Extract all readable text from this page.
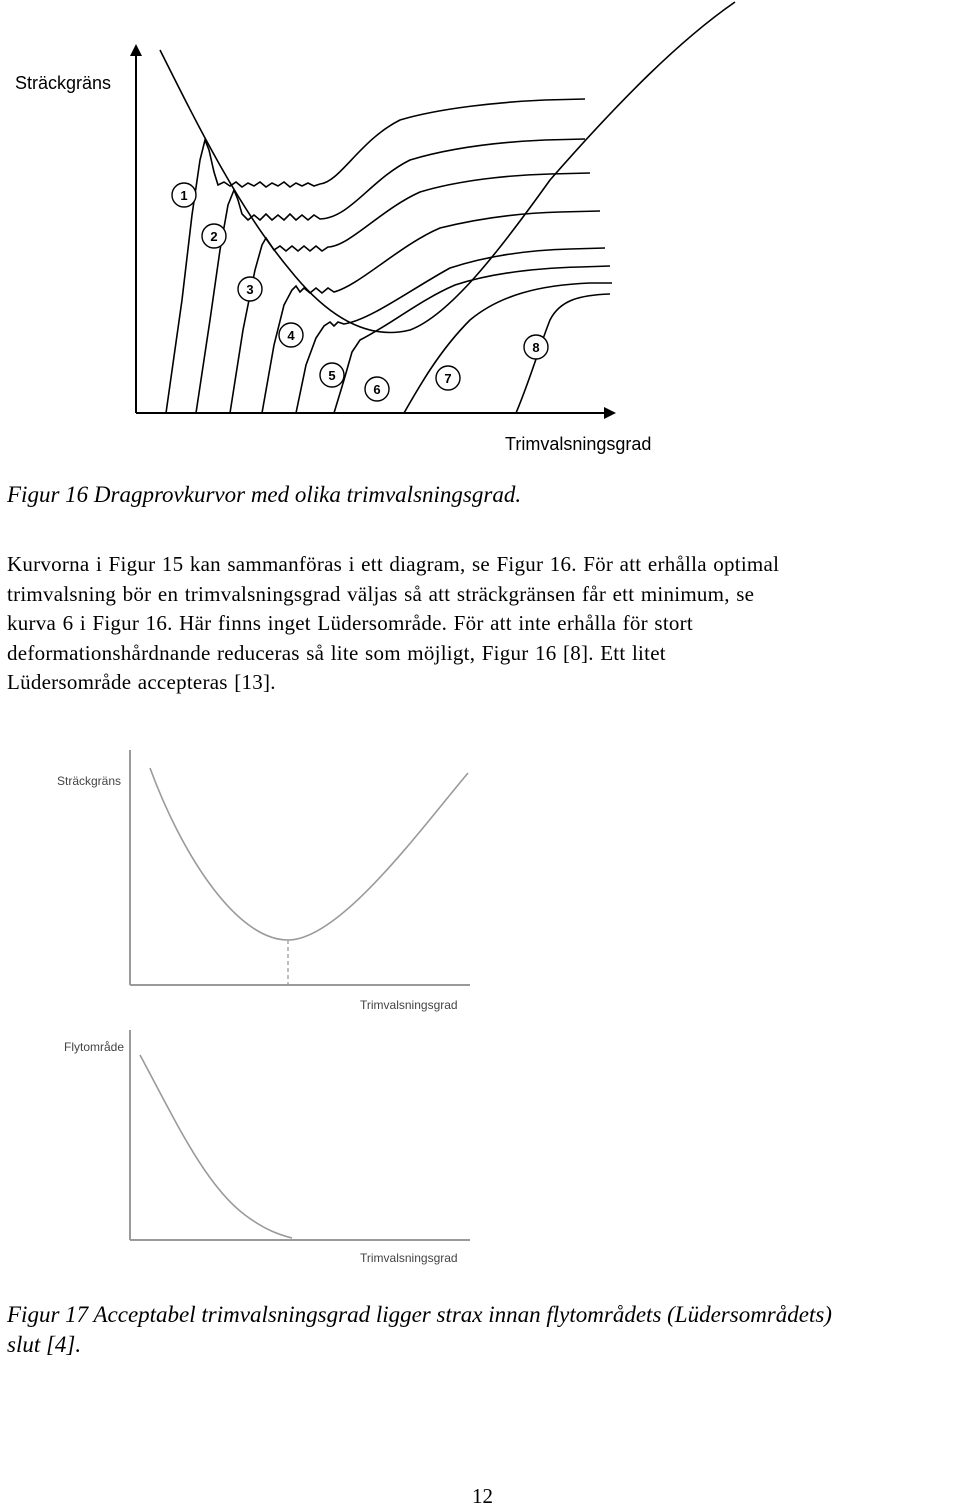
1
2
3
4
5
6
7
8
Sträckgräns
Trimvalsningsgrad
Figur 16 Dragprovkurvor med olika trimvalsningsgrad.
Kurvorna i Figur 15 kan sammanföras i ett diagram, se Figur 16. För att erhålla optimal
trimvalsning bör en trimvalsningsgrad väljas så att sträckgränsen får ett minimum, se
kurva 6 i Figur 16. Här finns inget Lüdersområde. För att inte erhålla för stort
deformationshårdnande reduceras så lite som möjligt, Figur 16 [8]. Ett litet
Lüdersområde accepteras [13].
Sträckgräns
Trimvalsningsgrad
Flytområde
Trimvalsningsgrad
Figur 17 Acceptabel trimvalsningsgrad ligger strax innan flytområdets (Lüdersområdets)
slut [4].
12
